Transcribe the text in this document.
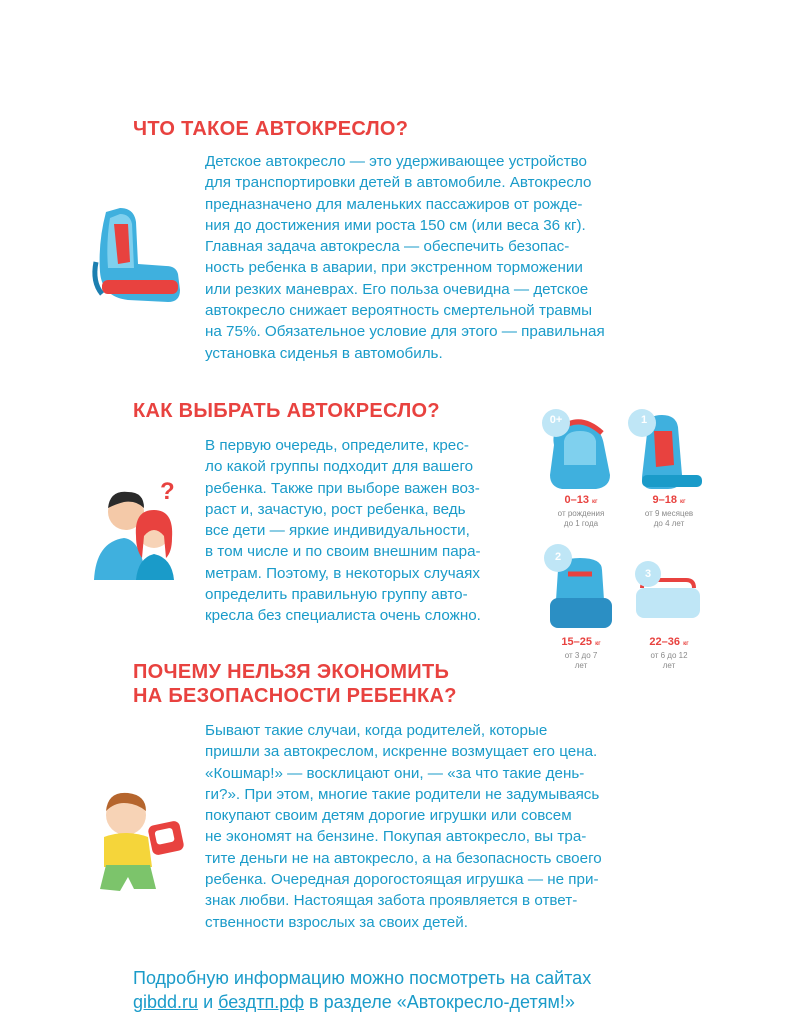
ЧТО ТАКОЕ АВТОКРЕСЛО?

Детское автокресло — это удерживающее устройство
для транспортировки детей в автомобиле. Автокресло
предназначено для маленьких пассажиров от рожде-
ния до достижения ими роста 150 см (или веса 36 кг).
Главная задача автокресла — обеспечить безопас-
ность ребенка в аварии, при экстренном торможении
или резких маневрах. Его польза очевидна — детское
автокресло снижает вероятность смертельной травмы
на 75%. Обязательное условие для этого — правильная
установка сиденья в автомобиль.

КАК ВЫБРАТЬ АВТОКРЕСЛО?
?

В первую очередь, определите, крес-
ло какой группы подходит для вашего
ребенка. Также при выборе важен воз-
раст и, зачастую, рост ребенка, ведь
все дети — яркие индивидуальности,
в том числе и по своим внешним пара-
метрам. Поэтому, в некоторых случаях
определить правильную группу авто-
кресла без специалиста очень сложно.

0+
0–13 кг
от рождения
до 1 года
1
9–18 кг
от 9 месяцев
до 4 лет
2
15–25 кг
от 3 до 7
лет
3
22–36 кг
от 6 до 12
лет
ПОЧЕМУ НЕЛЬЗЯ ЭКОНОМИТЬ
НА БЕЗОПАСНОСТИ РЕБЕНКА?

Бывают такие случаи, когда родителей, которые
пришли за автокреслом, искренне возмущает его цена.
«Кошмар!» — восклицают они, — «за что такие день-
ги?». При этом, многие такие родители не задумываясь
покупают своим детям дорогие игрушки или совсем
не экономят на бензине. Покупая автокресло, вы тра-
тите деньги не на автокресло, а на безопасность своего
ребенка. Очередная дорогостоящая игрушка — не при-
знак любви. Настоящая забота проявляется в ответ-
ственности взрослых за своих детей.

Подробную информацию можно посмотреть на сайтах
gibdd.ru и бездтп.рф в разделе «Автокресло-детям!»
